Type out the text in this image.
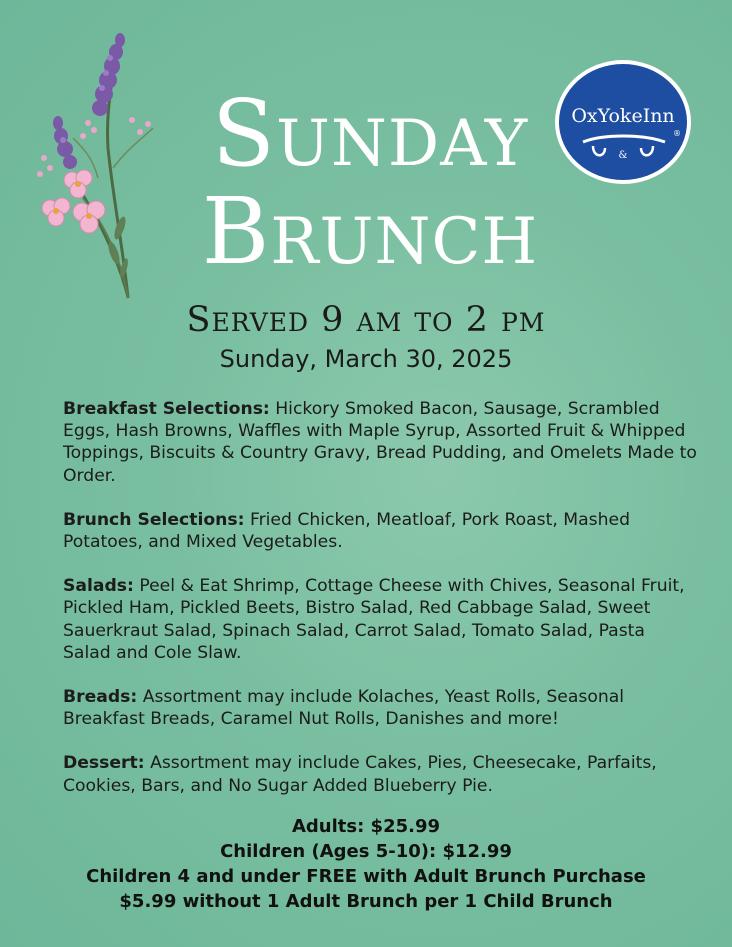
Sunday
Brunch
OxYokeInn
®
&
Served 9 am to 2 pm
Sunday, March 30, 2025

Breakfast Selections: Hickory Smoked Bacon, Sausage, Scrambled Eggs, Hash Browns, Waffles with Maple Syrup, Assorted Fruit & Whipped Toppings, Biscuits & Country Gravy, Bread Pudding, and Omelets Made to Order.

Brunch Selections: Fried Chicken, Meatloaf, Pork Roast, Mashed Potatoes, and Mixed Vegetables.

Salads: Peel & Eat Shrimp, Cottage Cheese with Chives, Seasonal Fruit, Pickled Ham, Pickled Beets, Bistro Salad, Red Cabbage Salad, Sweet Sauerkraut Salad, Spinach Salad, Carrot Salad, Tomato Salad, Pasta Salad and Cole Slaw.

Breads: Assortment may include Kolaches, Yeast Rolls, Seasonal Breakfast Breads, Caramel Nut Rolls, Danishes and more!

Dessert: Assortment may include Cakes, Pies, Cheesecake, Parfaits, Cookies, Bars, and No Sugar Added Blueberry Pie.

Adults: $25.99
Children (Ages 5-10): $12.99
Children 4 and under FREE with Adult Brunch Purchase
$5.99 without 1 Adult Brunch per 1 Child Brunch
